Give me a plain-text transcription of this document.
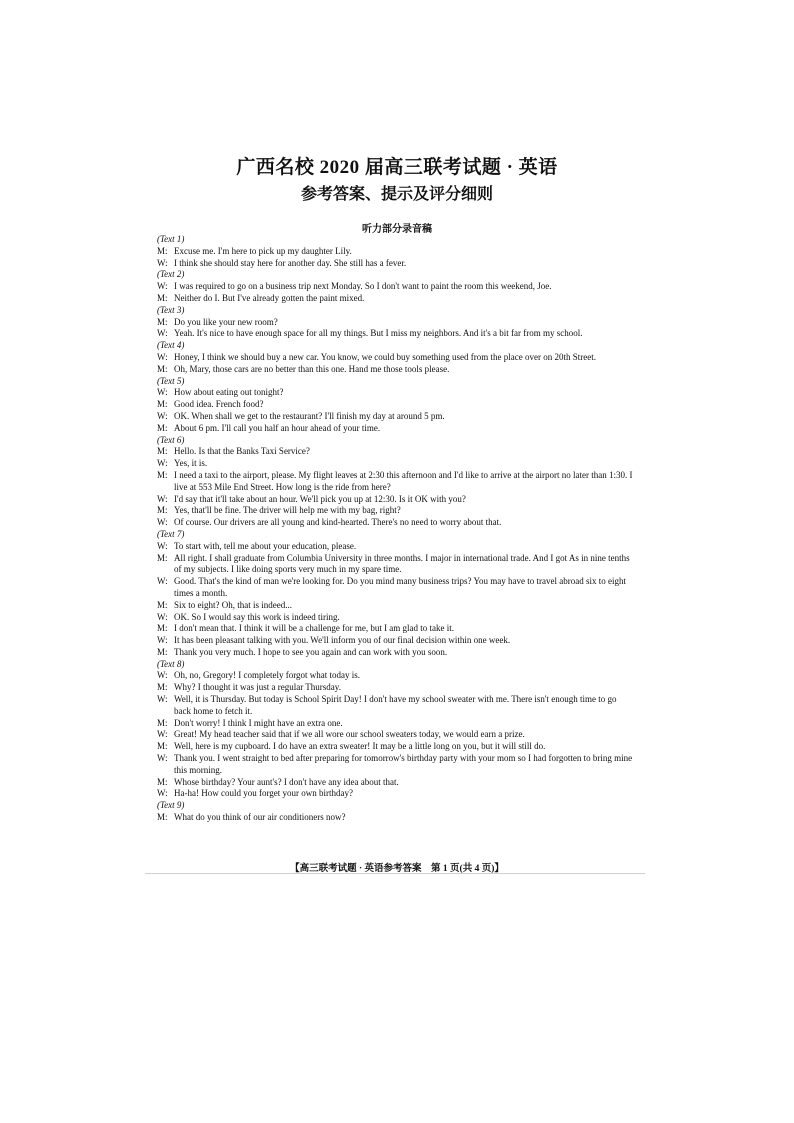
广西名校 2020 届高三联考试题 · 英语
参考答案、提示及评分细则
听力部分录音稿
(Text 1)
M: Excuse me. I'm here to pick up my daughter Lily.
W: I think she should stay here for another day. She still has a fever.
(Text 2)
W: I was required to go on a business trip next Monday. So I don't want to paint the room this weekend, Joe.
M: Neither do I. But I've already gotten the paint mixed.
(Text 3)
M: Do you like your new room?
W: Yeah. It's nice to have enough space for all my things. But I miss my neighbors. And it's a bit far from my school.
(Text 4)
W: Honey, I think we should buy a new car. You know, we could buy something used from the place over on 20th Street.
M: Oh, Mary, those cars are no better than this one. Hand me those tools please.
(Text 5)
W: How about eating out tonight?
M: Good idea. French food?
W: OK. When shall we get to the restaurant? I'll finish my day at around 5 pm.
M: About 6 pm. I'll call you half an hour ahead of your time.
(Text 6)
M: Hello. Is that the Banks Taxi Service?
W: Yes, it is.
M: I need a taxi to the airport, please. My flight leaves at 2:30 this afternoon and I'd like to arrive at the airport no later than 1:30. I live at 553 Mile End Street. How long is the ride from here?
W: I'd say that it'll take about an hour. We'll pick you up at 12:30. Is it OK with you?
M: Yes, that'll be fine. The driver will help me with my bag, right?
W: Of course. Our drivers are all young and kind-hearted. There's no need to worry about that.
(Text 7)
W: To start with, tell me about your education, please.
M: All right. I shall graduate from Columbia University in three months. I major in international trade. And I got As in nine tenths of my subjects. I like doing sports very much in my spare time.
W: Good. That's the kind of man we're looking for. Do you mind many business trips? You may have to travel abroad six to eight times a month.
M: Six to eight? Oh, that is indeed...
W: OK. So I would say this work is indeed tiring.
M: I don't mean that. I think it will be a challenge for me, but I am glad to take it.
W: It has been pleasant talking with you. We'll inform you of our final decision within one week.
M: Thank you very much. I hope to see you again and can work with you soon.
(Text 8)
W: Oh, no, Gregory! I completely forgot what today is.
M: Why? I thought it was just a regular Thursday.
W: Well, it is Thursday. But today is School Spirit Day! I don't have my school sweater with me. There isn't enough time to go back home to fetch it.
M: Don't worry! I think I might have an extra one.
W: Great! My head teacher said that if we all wore our school sweaters today, we would earn a prize.
M: Well, here is my cupboard. I do have an extra sweater! It may be a little long on you, but it will still do.
W: Thank you. I went straight to bed after preparing for tomorrow's birthday party with your mom so I had forgotten to bring mine this morning.
M: Whose birthday? Your aunt's? I don't have any idea about that.
W: Ha-ha! How could you forget your own birthday?
(Text 9)
M: What do you think of our air conditioners now?
【高三联考试题 · 英语参考答案　第 1 页(共 4 页)】
